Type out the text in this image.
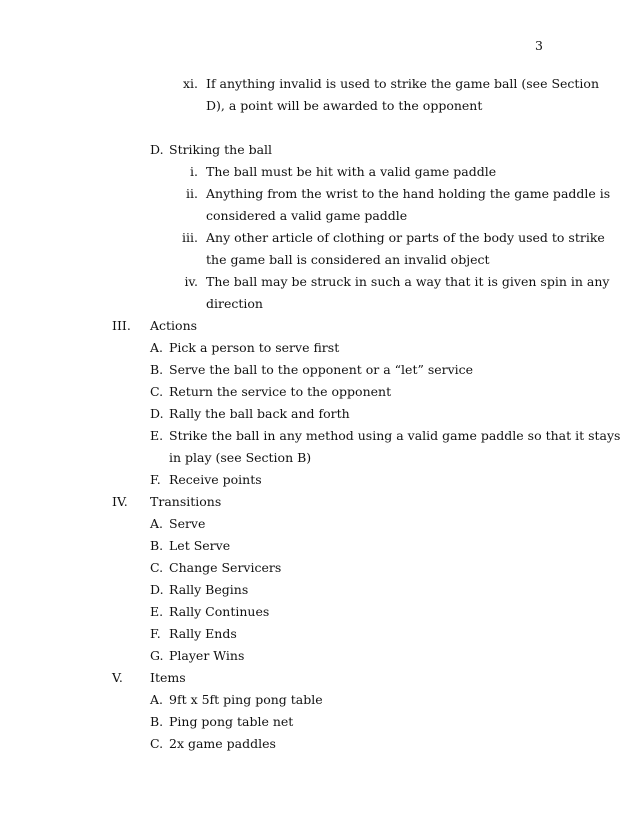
3
xi. If anything invalid is used to strike the game ball (see Section
D), a point will be awarded to the opponent
D. Striking the ball
i. The ball must be hit with a valid game paddle
ii. Anything from the wrist to the hand holding the game paddle is
considered a valid game paddle
iii. Any other article of clothing or parts of the body used to strike
the game ball is considered an invalid object
iv. The ball may be struck in such a way that it is given spin in any
direction
III. Actions
A. Pick a person to serve first
B. Serve the ball to the opponent or a “let” service
C. Return the service to the opponent
D. Rally the ball back and forth
E. Strike the ball in any method using a valid game paddle so that it stays
in play (see Section B)
F. Receive points
IV. Transitions
A. Serve
B. Let Serve
C. Change Servicers
D. Rally Begins
E. Rally Continues
F. Rally Ends
G. Player Wins
V. Items
A. 9ft x 5ft ping pong table
B. Ping pong table net
C. 2x game paddles
